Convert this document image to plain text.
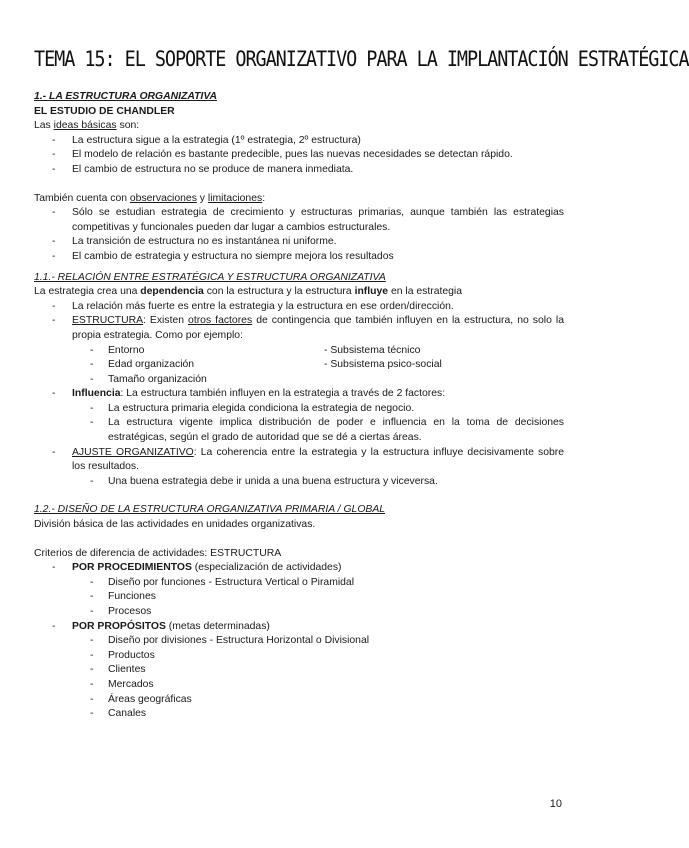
TEMA 15: EL SOPORTE ORGANIZATIVO PARA LA IMPLANTACIÓN ESTRATÉGICA
1.- LA ESTRUCTURA ORGANIZATIVA
EL ESTUDIO DE CHANDLER
Las ideas básicas son:
- La estructura sigue a la estrategia (1º estrategia, 2º estructura)
- El modelo de relación es bastante predecible, pues las nuevas necesidades se detectan rápido.
- El cambio de estructura no se produce de manera inmediata.
También cuenta con observaciones y limitaciones:
- Sólo se estudian estrategia de crecimiento y estructuras primarias, aunque también las estrategias competitivas y funcionales pueden dar lugar a cambios estructurales.
- La transición de estructura no es instantánea ni uniforme.
- El cambio de estrategia y estructura no siempre mejora los resultados
1.1.- RELACIÓN ENTRE ESTRATÉGICA Y ESTRUCTURA ORGANIZATIVA
La estrategia crea una dependencia con la estructura y la estructura influye en la estrategia
- La relación más fuerte es entre la estrategia y la estructura en ese orden/dirección.
- ESTRUCTURA: Existen otros factores de contingencia que también influyen en la estructura, no solo la propia estrategia. Como por ejemplo:
- Entorno
- Edad organización
- Tamaño organización
- Subsistema técnico
- Subsistema psico-social
- Influencia: La estructura también influyen en la estrategia a través de 2 factores:
- La estructura primaria elegida condiciona la estrategia de negocio.
- La estructura vigente implica distribución de poder e influencia en la toma de decisiones estratégicas, según el grado de autoridad que se dé a ciertas áreas.
- AJUSTE ORGANIZATIVO: La coherencia entre la estrategia y la estructura influye decisivamente sobre los resultados.
- Una buena estrategia debe ir unida a una buena estructura y viceversa.
1.2.- DISEÑO DE LA ESTRUCTURA ORGANIZATIVA PRIMARIA / GLOBAL
División básica de las actividades en unidades organizativas.
Criterios de diferencia de actividades: ESTRUCTURA
- POR PROCEDIMIENTOS (especialización de actividades)
- Diseño por funciones - Estructura Vertical o Piramidal
- Funciones
- Procesos
- POR PROPÓSITOS (metas determinadas)
- Diseño por divisiones - Estructura Horizontal o Divisional
- Productos
- Clientes
- Mercados
- Áreas geográficas
- Canales
10
